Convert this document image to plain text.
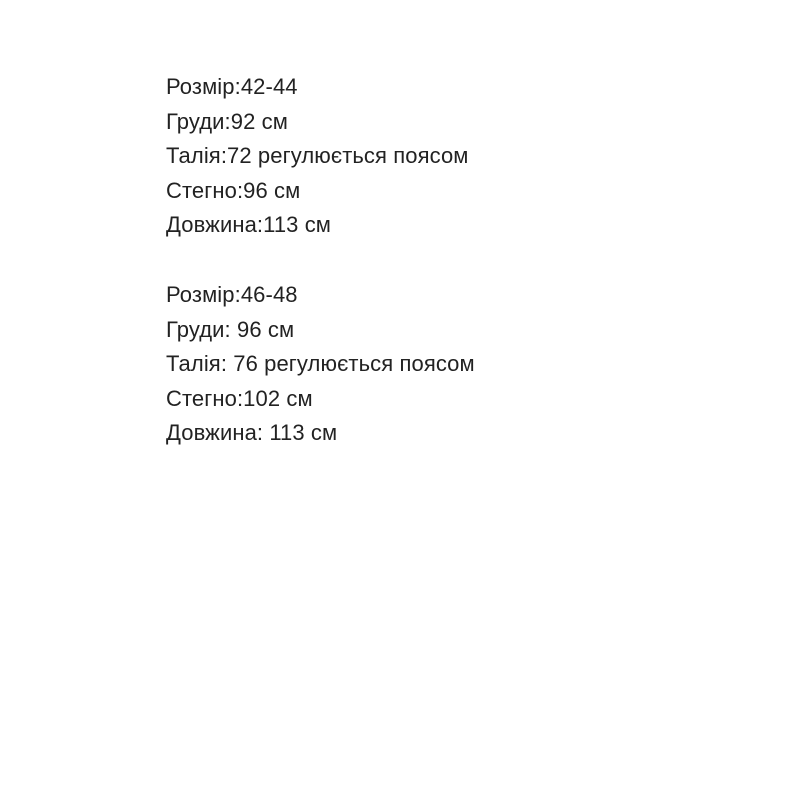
Розмір:42-44
Груди:92 см
Талія:72 регулюється поясом
Стегно:96 см
Довжина:113 см
Розмір:46-48
Груди: 96 см
Талія: 76 регулюється поясом
Стегно:102 см
Довжина: 113 см
